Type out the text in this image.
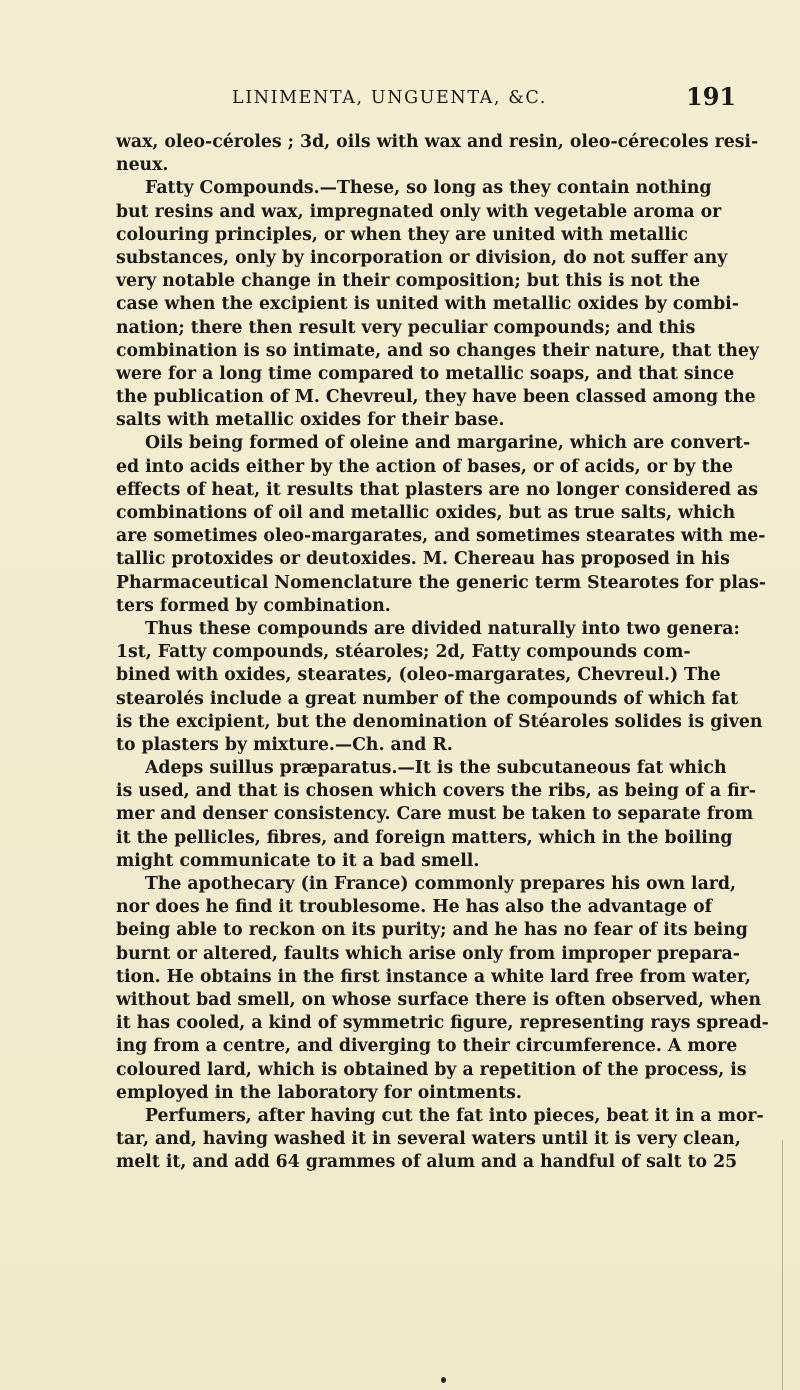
LINIMENTA, UNGUENTA, &C.	191
wax, oleo-céroles ; 3d, oils with wax and resin, oleo-cérecoles resi-
neux.
Fatty Compounds.—These, so long as they contain nothing
but resins and wax, impregnated only with vegetable aroma or
colouring principles, or when they are united with metallic
substances, only by incorporation or division, do not suffer any
very notable change in their composition; but this is not the
case when the excipient is united with metallic oxides by combi-
nation; there then result very peculiar compounds; and this
combination is so intimate, and so changes their nature, that they
were for a long time compared to metallic soaps, and that since
the publication of M. Chevreul, they have been classed among the
salts with metallic oxides for their base.
Oils being formed of oleine and margarine, which are convert-
ed into acids either by the action of bases, or of acids, or by the
effects of heat, it results that plasters are no longer considered as
combinations of oil and metallic oxides, but as true salts, which
are sometimes oleo-margarates, and sometimes stearates with me-
tallic protoxides or deutoxides. M. Chereau has proposed in his
Pharmaceutical Nomenclature the generic term Stearotes for plas-
ters formed by combination.
Thus these compounds are divided naturally into two genera:
1st, Fatty compounds, stéaroles; 2d, Fatty compounds com-
bined with oxides, stearates, (oleo-margarates, Chevreul.) The
stearolés include a great number of the compounds of which fat
is the excipient, but the denomination of Stéaroles solides is given
to plasters by mixture.—Ch. and R.
Adeps suillus præparatus.—It is the subcutaneous fat which
is used, and that is chosen which covers the ribs, as being of a fir-
mer and denser consistency. Care must be taken to separate from
it the pellicles, fibres, and foreign matters, which in the boiling
might communicate to it a bad smell.
The apothecary (in France) commonly prepares his own lard,
nor does he find it troublesome. He has also the advantage of
being able to reckon on its purity; and he has no fear of its being
burnt or altered, faults which arise only from improper prepara-
tion. He obtains in the first instance a white lard free from water,
without bad smell, on whose surface there is often observed, when
it has cooled, a kind of symmetric figure, representing rays spread-
ing from a centre, and diverging to their circumference. A more
coloured lard, which is obtained by a repetition of the process, is
employed in the laboratory for ointments.
Perfumers, after having cut the fat into pieces, beat it in a mor-
tar, and, having washed it in several waters until it is very clean,
melt it, and add 64 grammes of alum and a handful of salt to 25
